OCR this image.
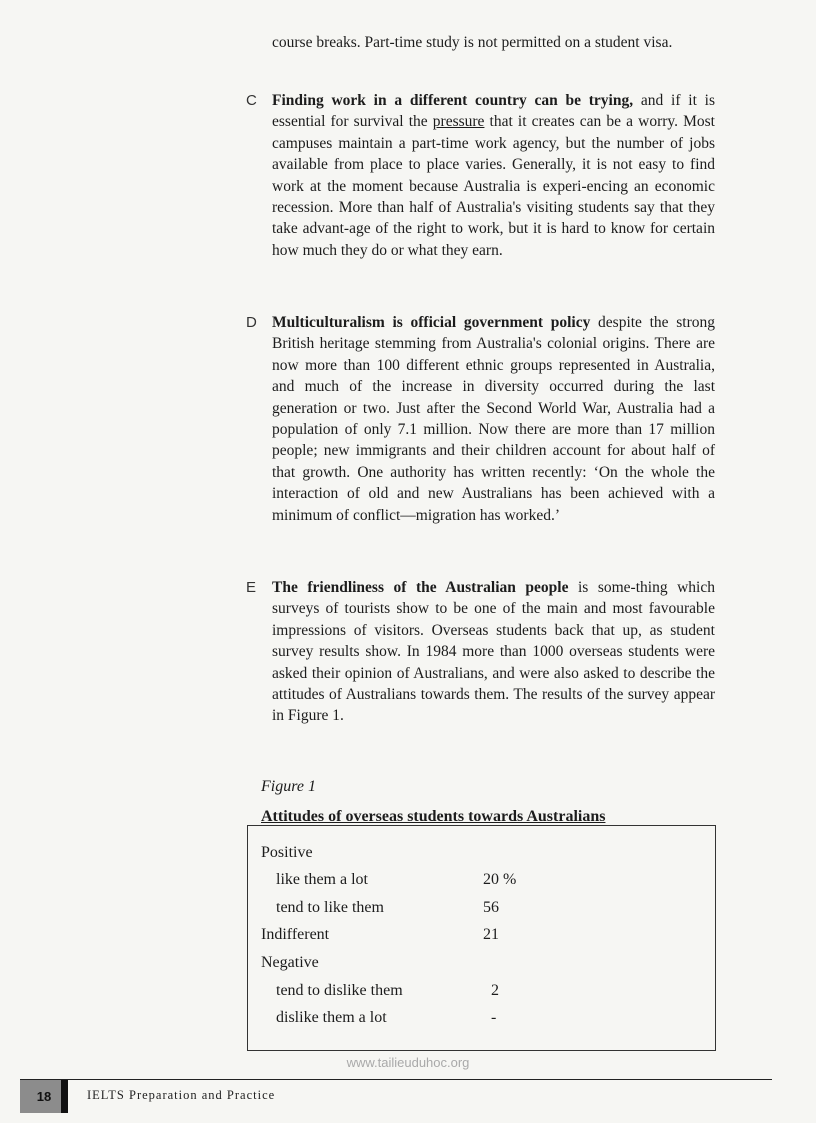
course breaks. Part-time study is not permitted on a student visa.

C Finding work in a different country can be trying, and if it is essential for survival the pressure that it creates can be a worry. Most campuses maintain a part-time work agency, but the number of jobs available from place to place varies. Generally, it is not easy to find work at the moment because Australia is experi-encing an economic recession. More than half of Australia's visiting students say that they take advant-age of the right to work, but it is hard to know for certain how much they do or what they earn.

D Multiculturalism is official government policy despite the strong British heritage stemming from Australia's colonial origins. There are now more than 100 different ethnic groups represented in Australia, and much of the increase in diversity occurred during the last generation or two. Just after the Second World War, Australia had a population of only 7.1 million. Now there are more than 17 million people; new immigrants and their children account for about half of that growth. One authority has written recently: ‘On the whole the interaction of old and new Australians has been achieved with a minimum of conflict—migration has worked.’

E The friendliness of the Australian people is some-thing which surveys of tourists show to be one of the main and most favourable impressions of visitors. Overseas students back that up, as student survey results show. In 1984 more than 1000 overseas students were asked their opinion of Australians, and were also asked to describe the attitudes of Australians towards them. The results of the survey appear in Figure 1.

Figure 1
Attitudes of overseas students towards Australians
Positive
like them a lot	20 %
tend to like them	56
Indifferent	21
Negative
tend to dislike them	2
dislike them a lot	-
www.tailieuduhoc.org
18	IELTS Preparation and Practice
